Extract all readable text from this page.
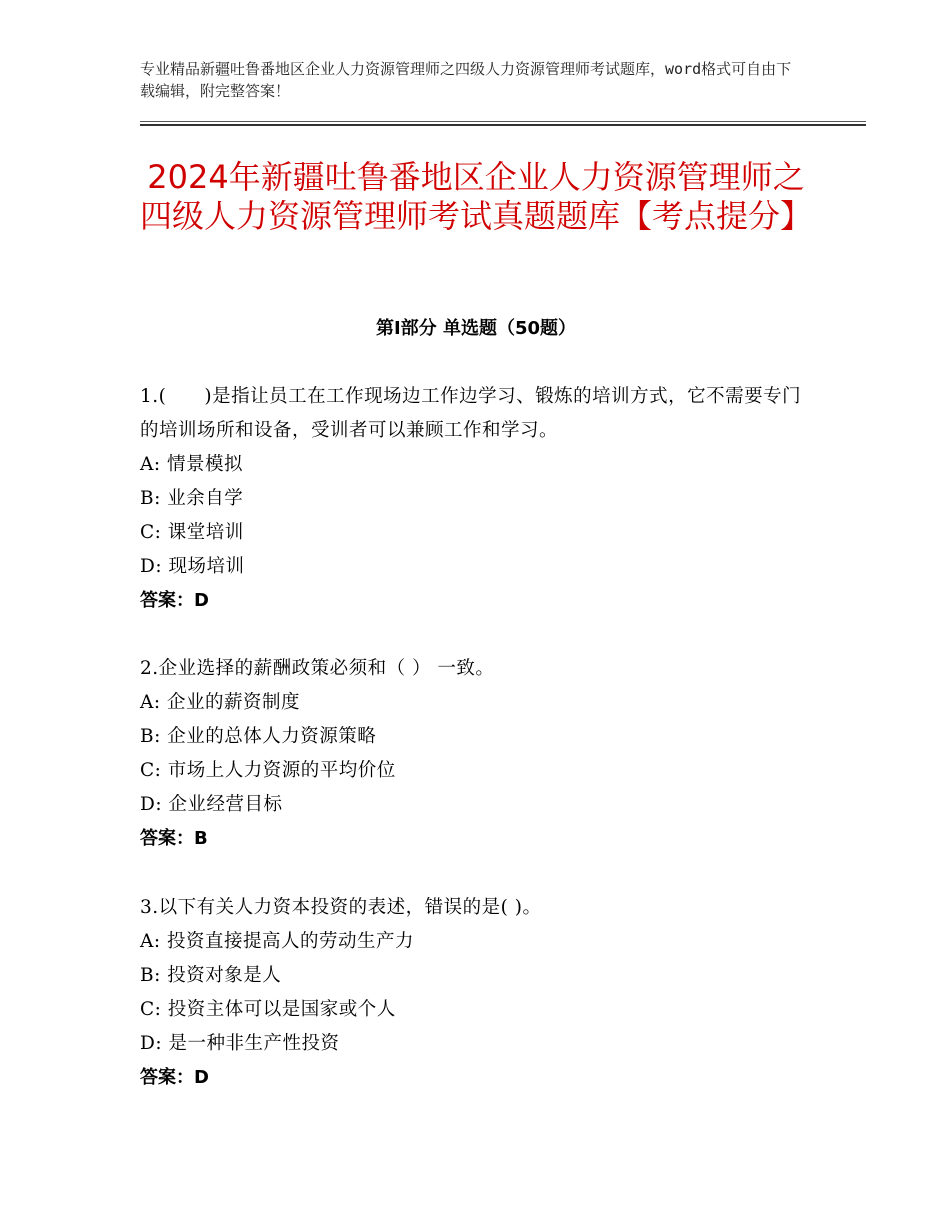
专业精品新疆吐鲁番地区企业人力资源管理师之四级人力资源管理师考试题库，word格式可自由下载编辑，附完整答案！
2024年新疆吐鲁番地区企业人力资源管理师之四级人力资源管理师考试真题题库【考点提分】
第Ⅰ部分 单选题（50题）
1.(　　)是指让员工在工作现场边工作边学习、锻炼的培训方式，它不需要专门的培训场所和设备，受训者可以兼顾工作和学习。
A: 情景模拟
B: 业余自学
C: 课堂培训
D: 现场培训
答案：D
2.企业选择的薪酬政策必须和（ ） 一致。
A: 企业的薪资制度
B: 企业的总体人力资源策略
C: 市场上人力资源的平均价位
D: 企业经营目标
答案：B
3.以下有关人力资本投资的表述，错误的是( )。
A: 投资直接提高人的劳动生产力
B: 投资对象是人
C: 投资主体可以是国家或个人
D: 是一种非生产性投资
答案：D
